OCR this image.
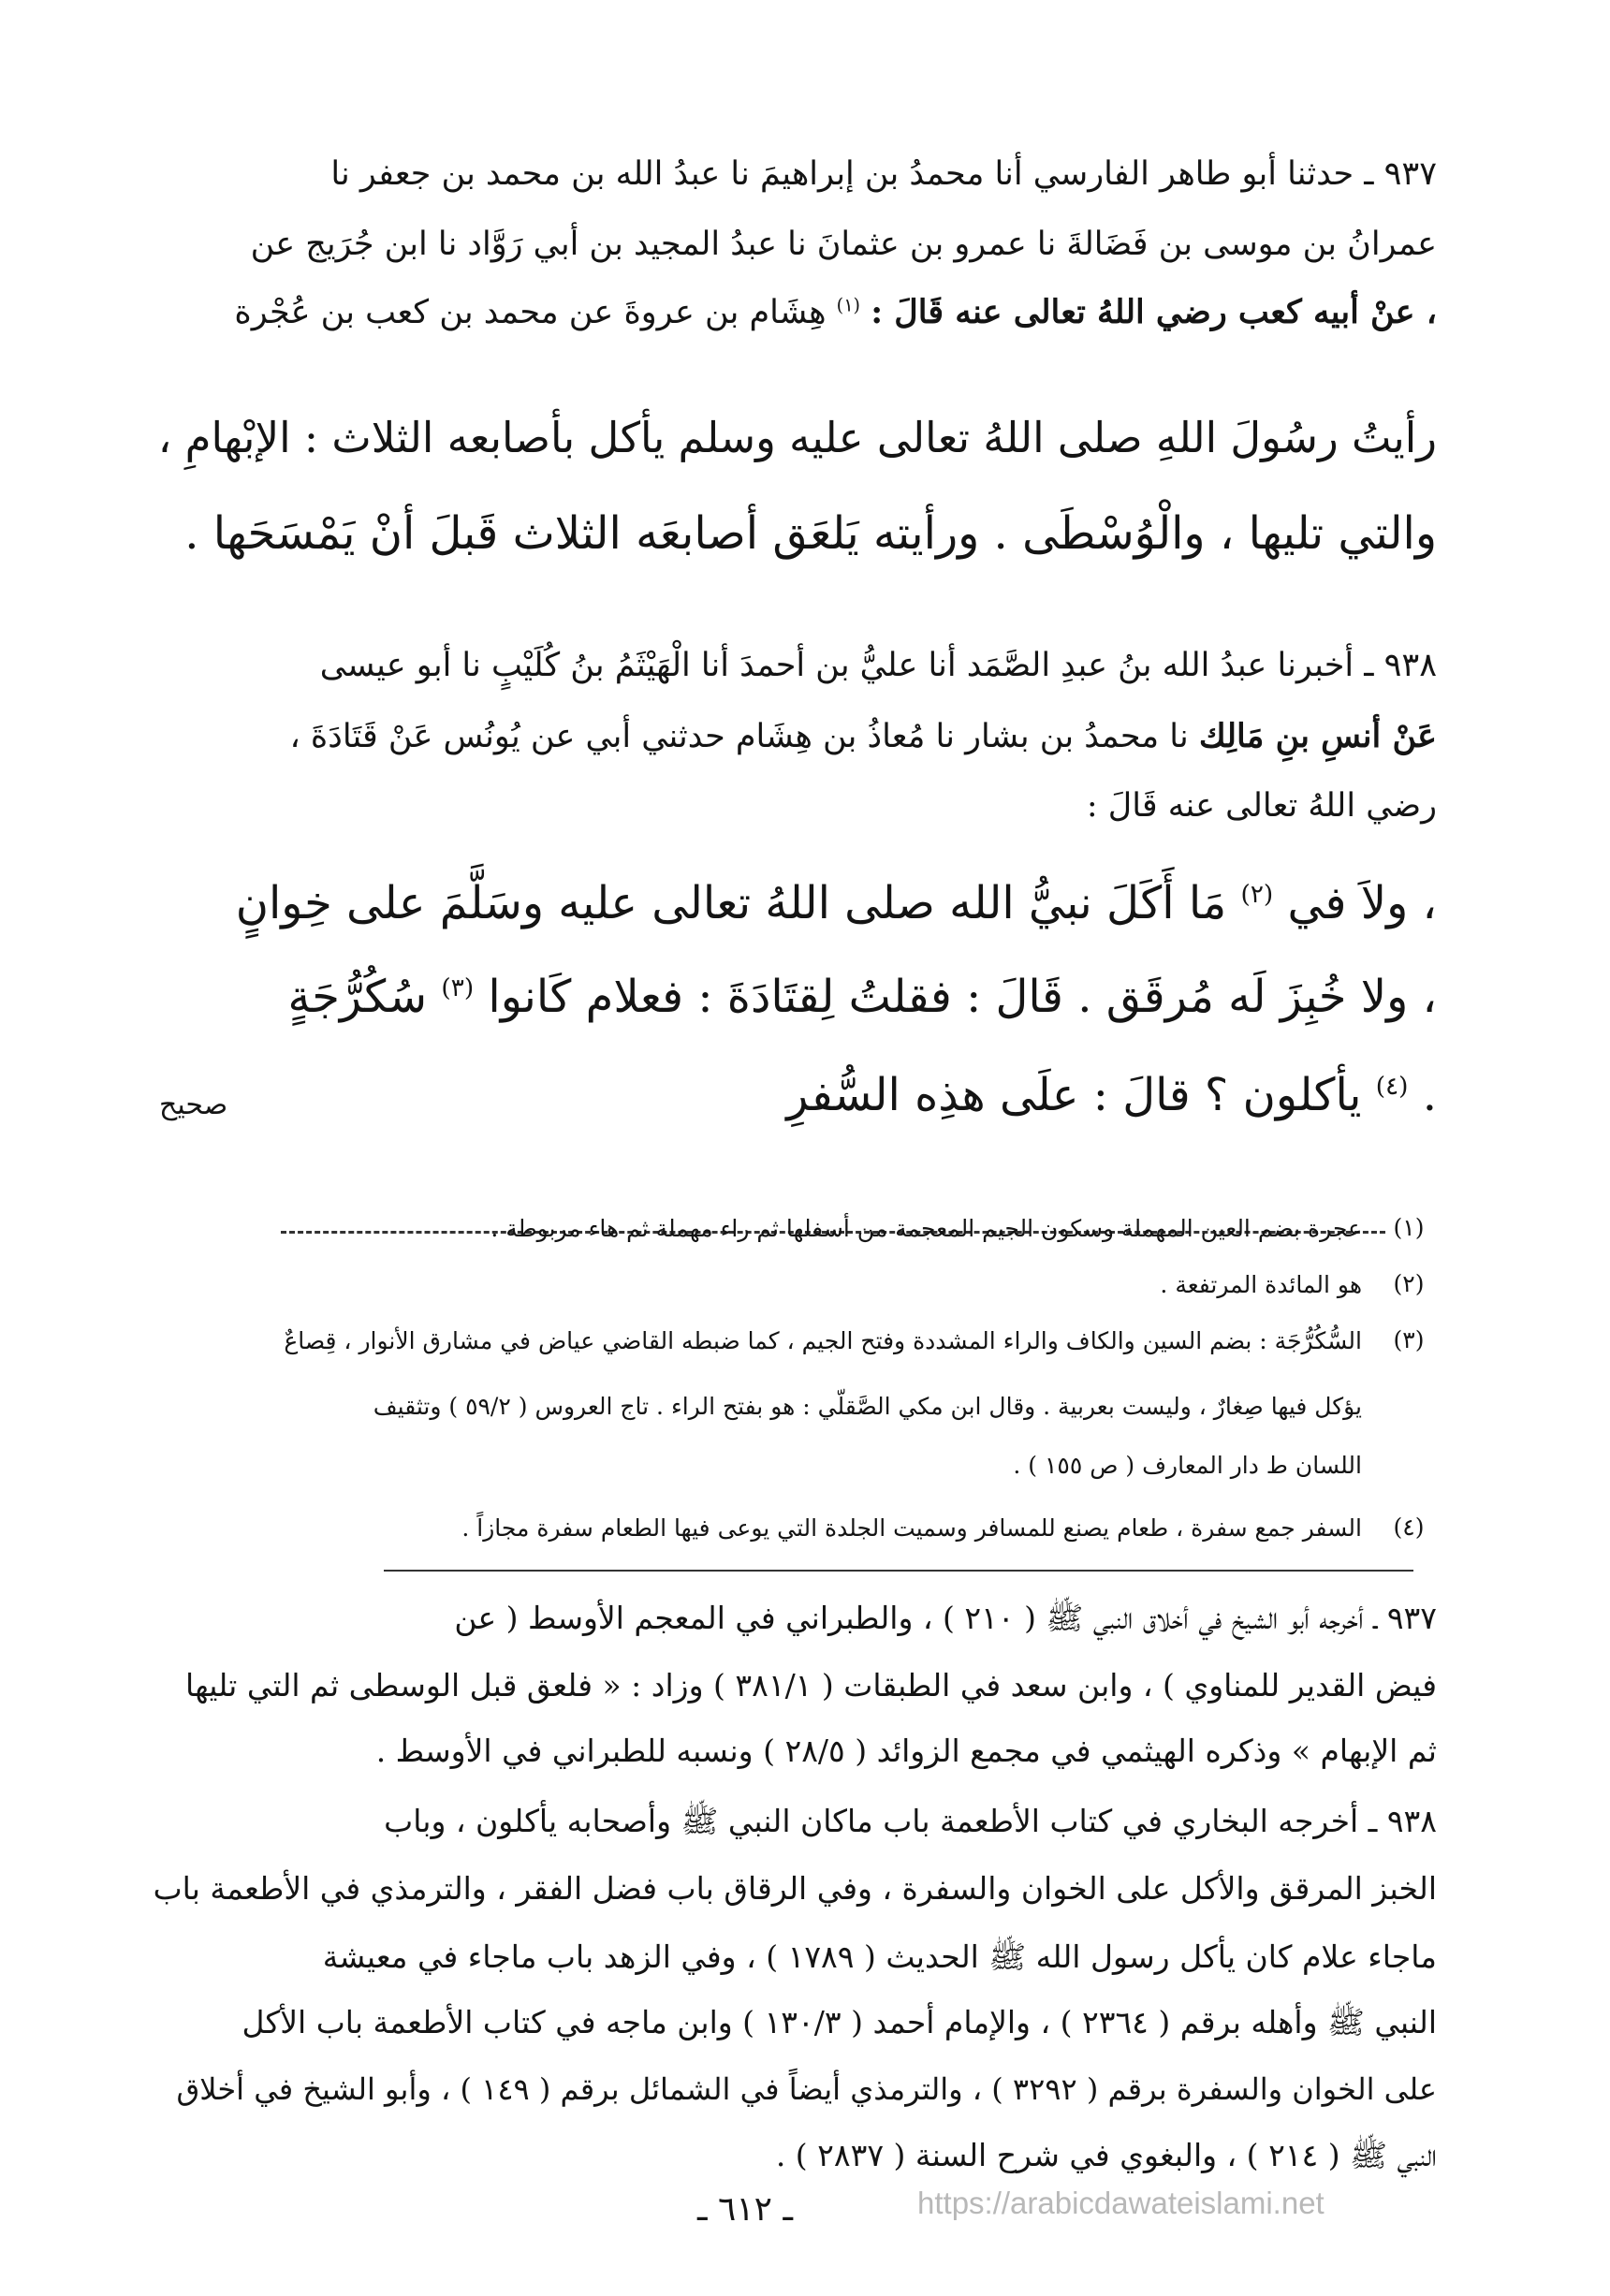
٩٣٧ ـ حدثنا أبو طاهر الفارسي أنا محمدُ بن إبراهيمَ نا عبدُ الله بن محمد بن جعفر نا
عمرانُ بن موسى بن فَضَالةَ نا عمرو بن عثمانَ نا عبدُ المجيد بن أبي رَوَّاد نا ابن جُرَيج عن
، عنْ أبيه كعب رضي اللهُ تعالى عنه قَالَ : $^{(١)}$ هِشَام بن عروةَ عن محمد بن كعب بن عُجْرة
رأيتُ رسُولَ اللهِ صلى اللهُ تعالى عليه وسلم يأكل بأصابعه الثلاث : الإبْهامِ ،
والتي تليها ، والْوُسْطَى . ورأيته يَلعَق أصابعَه الثلاث قَبلَ أنْ يَمْسَحَها .
٩٣٨ ـ أخبرنا عبدُ الله بنُ عبدِ الصَّمَد أنا عليُّ بن أحمدَ أنا الْهَيْثَمُ بنُ كُلَيْبٍ نا أبو عيسى
عَنْ أنسِ بنِ مَالِك نا محمدُ بن بشار نا مُعاذُ بن هِشَام حدثني أبي عن يُونُس عَنْ قَتَادَةَ ،
رضي اللهُ تعالى عنه قَالَ :
، ولاَ في $^{(٢)}$ مَا أَكَلَ نبيُّ الله صلى اللهُ تعالى عليه وسَلَّمَ على خِوانٍ
، ولا خُبِزَ لَه مُرقَق . قَالَ : فقلتُ لِقتَادَةَ : فعلام كَانوا $^{(٣)}$ سُكُرُّجَةٍ
. $^{(٤)}$ يأكلون ؟ قالَ : علَى هذِه السُّفرِ
صحيح
(١)
عجرة بضم العين المهملة وسكون الجيم المعجمة من أسفلها ثم راء مهملة ثم هاء مربوطة .
(٢)
هو المائدة المرتفعة .
(٣)
السُّكُرُّجَة : بضم السين والكاف والراء المشددة وفتح الجيم ، كما ضبطه القاضي عياض في مشارق الأنوار ، قِصاعٌ
يؤكل فيها صِغارٌ ، وليست بعربية . وقال ابن مكي الصَّقلّي : هو بفتح الراء . تاج العروس ( ٥٩/٢ ) وتثقيف
اللسان ط دار المعارف ( ص ١٥٥ ) .
(٤)
السفر جمع سفرة ، طعام يصنع للمسافر وسميت الجلدة التي يوعى فيها الطعام سفرة مجازاً .
٩٣٧ ـ أخرجه أبو الشيخ في أخلاق النبي ﷺ ( ٢١٠ ) ، والطبراني في المعجم الأوسط ( عن
فيض القدير للمناوي ) ، وابن سعد في الطبقات ( ٣٨١/١ ) وزاد : « فلعق قبل الوسطى ثم التي تليها
ثم الإبهام » وذكره الهيثمي في مجمع الزوائد ( ٢٨/٥ ) ونسبه للطبراني في الأوسط .
٩٣٨ ـ أخرجه البخاري في كتاب الأطعمة باب ماكان النبي ﷺ وأصحابه يأكلون ، وباب
الخبز المرقق والأكل على الخوان والسفرة ، وفي الرقاق باب فضل الفقر ، والترمذي في الأطعمة باب
ماجاء علام كان يأكل رسول الله ﷺ الحديث ( ١٧٨٩ ) ، وفي الزهد باب ماجاء في معيشة
النبي ﷺ وأهله برقم ( ٢٣٦٤ ) ، والإمام أحمد ( ١٣٠/٣ ) وابن ماجه في كتاب الأطعمة باب الأكل
على الخوان والسفرة برقم ( ٣٢٩٢ ) ، والترمذي أيضاً في الشمائل برقم ( ١٤٩ ) ، وأبو الشيخ في أخلاق
النبي ﷺ ( ٢١٤ ) ، والبغوي في شرح السنة ( ٢٨٣٧ ) .
ـ ٦١٢ ـ	https://arabicdawateislami.net
